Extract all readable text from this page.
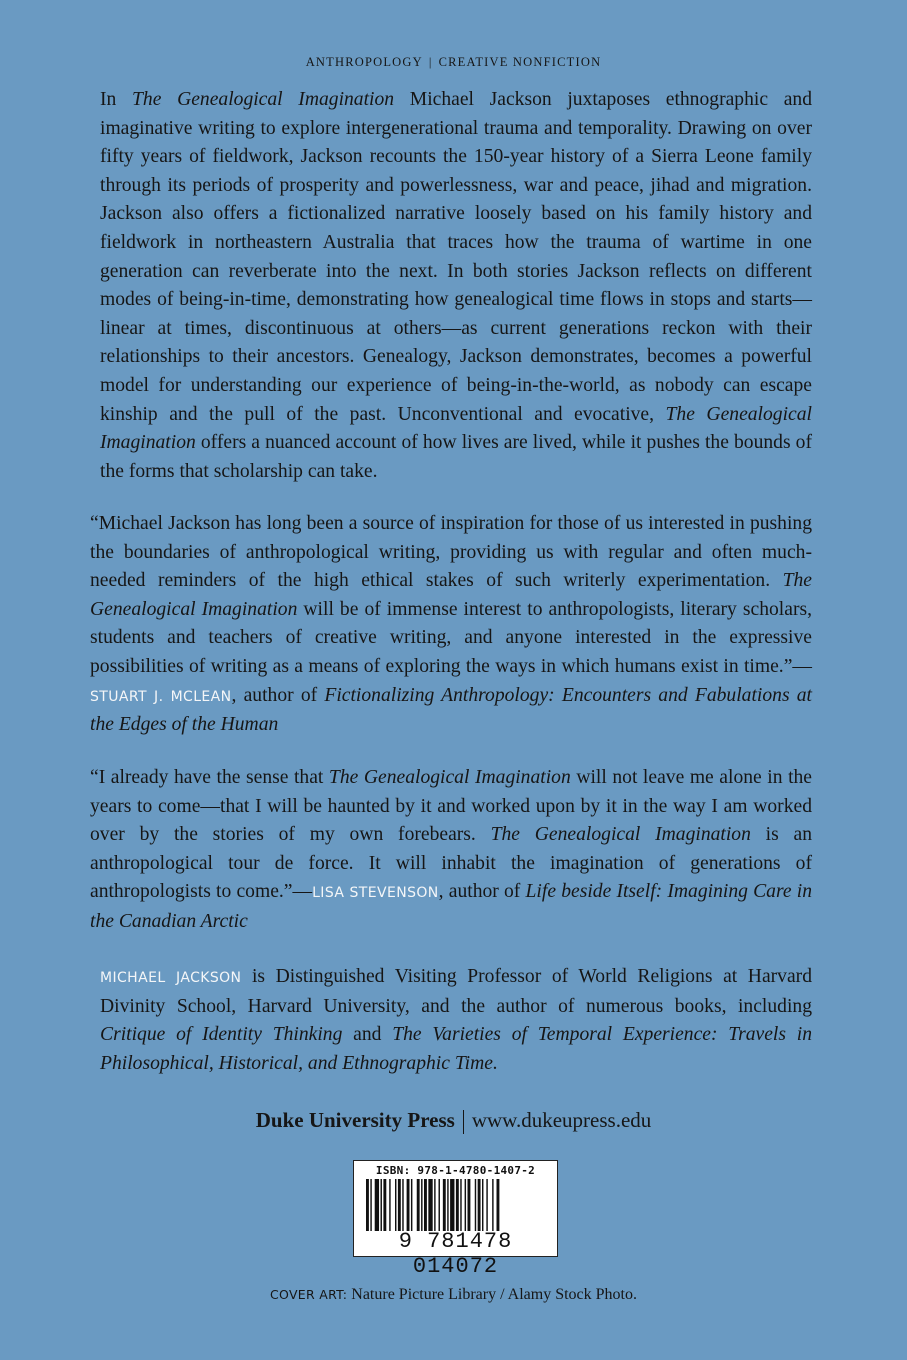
ANTHROPOLOGY | CREATIVE NONFICTION
In The Genealogical Imagination Michael Jackson juxtaposes ethnographic and imaginative writing to explore intergenerational trauma and temporality. Drawing on over fifty years of fieldwork, Jackson recounts the 150-year history of a Sierra Leone family through its periods of prosperity and powerlessness, war and peace, jihad and migration. Jackson also offers a fictionalized narrative loosely based on his family history and fieldwork in northeastern Australia that traces how the trauma of wartime in one generation can reverberate into the next. In both stories Jackson reflects on different modes of being-in-time, demonstrating how genealogical time flows in stops and starts—linear at times, discontinuous at others—as current generations reckon with their relationships to their ancestors. Genealogy, Jackson demonstrates, becomes a powerful model for understanding our experience of being-in-the-world, as nobody can escape kinship and the pull of the past. Unconventional and evocative, The Genealogical Imagination offers a nuanced account of how lives are lived, while it pushes the bounds of the forms that scholarship can take.
“Michael Jackson has long been a source of inspiration for those of us interested in pushing the boundaries of anthropological writing, providing us with regular and often much-needed reminders of the high ethical stakes of such writerly experimentation. The Genealogical Imagination will be of immense interest to anthropologists, literary scholars, students and teachers of creative writing, and anyone interested in the expressive possibilities of writing as a means of exploring the ways in which humans exist in time.”—STUART J. MCLEAN, author of Fictionalizing Anthropology: Encounters and Fabulations at the Edges of the Human
“I already have the sense that The Genealogical Imagination will not leave me alone in the years to come—that I will be haunted by it and worked upon by it in the way I am worked over by the stories of my own forebears. The Genealogical Imagination is an anthropological tour de force. It will inhabit the imagination of generations of anthropologists to come.”—LISA STEVENSON, author of Life beside Itself: Imagining Care in the Canadian Arctic
MICHAEL JACKSON is Distinguished Visiting Professor of World Religions at Harvard Divinity School, Harvard University, and the author of numerous books, including Critique of Identity Thinking and The Varieties of Temporal Experience: Travels in Philosophical, Historical, and Ethnographic Time.
Duke University Press www.dukeupress.edu
ISBN: 978-1-4780-1407-2
9 781478 014072
COVER ART: Nature Picture Library / Alamy Stock Photo.
